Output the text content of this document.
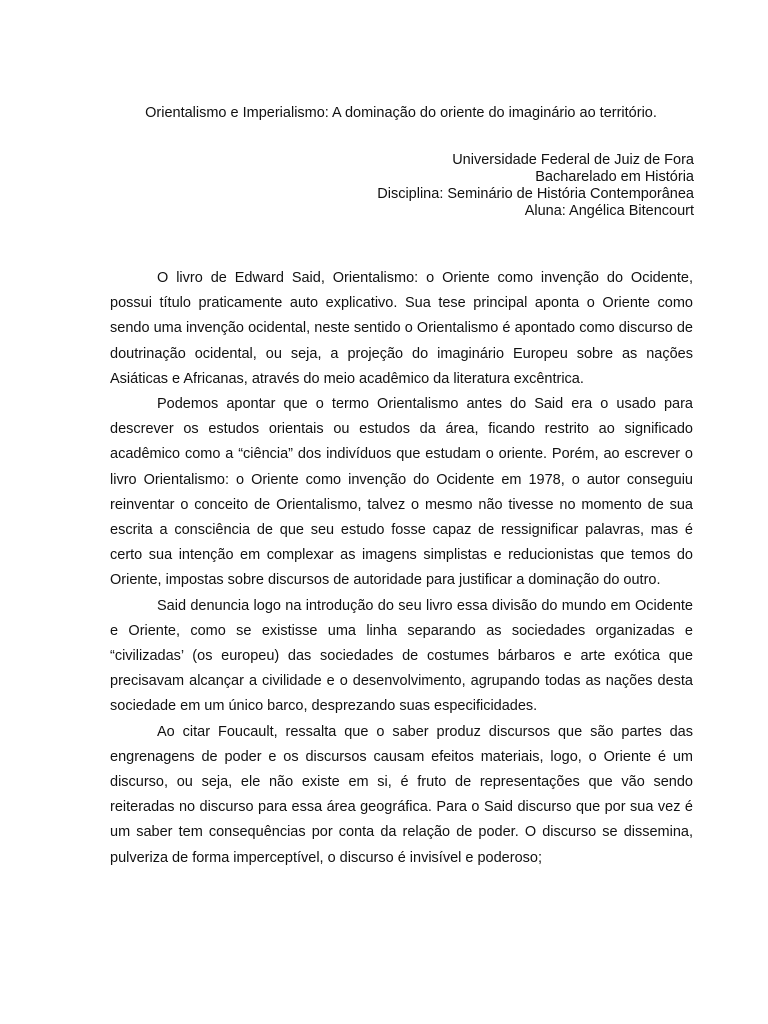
Orientalismo e Imperialismo: A dominação do oriente do imaginário ao território.
Universidade Federal de Juiz de Fora
Bacharelado em História
Disciplina: Seminário de História Contemporânea
Aluna: Angélica Bitencourt

O livro de Edward Said, Orientalismo: o Oriente como invenção do Ocidente, possui título praticamente auto explicativo. Sua tese principal aponta o Oriente como sendo uma invenção ocidental, neste sentido o Orientalismo é apontado como discurso de doutrinação ocidental, ou seja, a projeção do imaginário Europeu sobre as nações Asiáticas e Africanas, através do meio acadêmico da literatura excêntrica.

Podemos apontar que o termo Orientalismo antes do Said era o usado para descrever os estudos orientais ou estudos da área, ficando restrito ao significado acadêmico como a “ciência” dos indivíduos que estudam o oriente. Porém, ao escrever o livro Orientalismo: o Oriente como invenção do Ocidente em 1978, o autor conseguiu reinventar o conceito de Orientalismo, talvez o mesmo não tivesse no momento de sua escrita a consciência de que seu estudo fosse capaz de ressignificar palavras, mas é certo sua intenção em complexar as imagens simplistas e reducionistas que temos do Oriente, impostas sobre discursos de autoridade para justificar a dominação do outro.

Said denuncia logo na introdução do seu livro essa divisão do mundo em Ocidente e Oriente, como se existisse uma linha separando as sociedades organizadas e “civilizadas’ (os europeu) das sociedades de costumes bárbaros e arte exótica que precisavam alcançar a civilidade e o desenvolvimento, agrupando todas as nações desta sociedade em um único barco, desprezando suas especificidades.

Ao citar Foucault, ressalta que o saber produz discursos que são partes das engrenagens de poder e os discursos causam efeitos materiais, logo, o Oriente é um discurso, ou seja, ele não existe em si, é fruto de representações que vão sendo reiteradas no discurso para essa área geográfica. Para o Said discurso que por sua vez é um saber tem consequências por conta da relação de poder. O discurso se dissemina, pulveriza de forma imperceptível, o discurso é invisível e poderoso;
